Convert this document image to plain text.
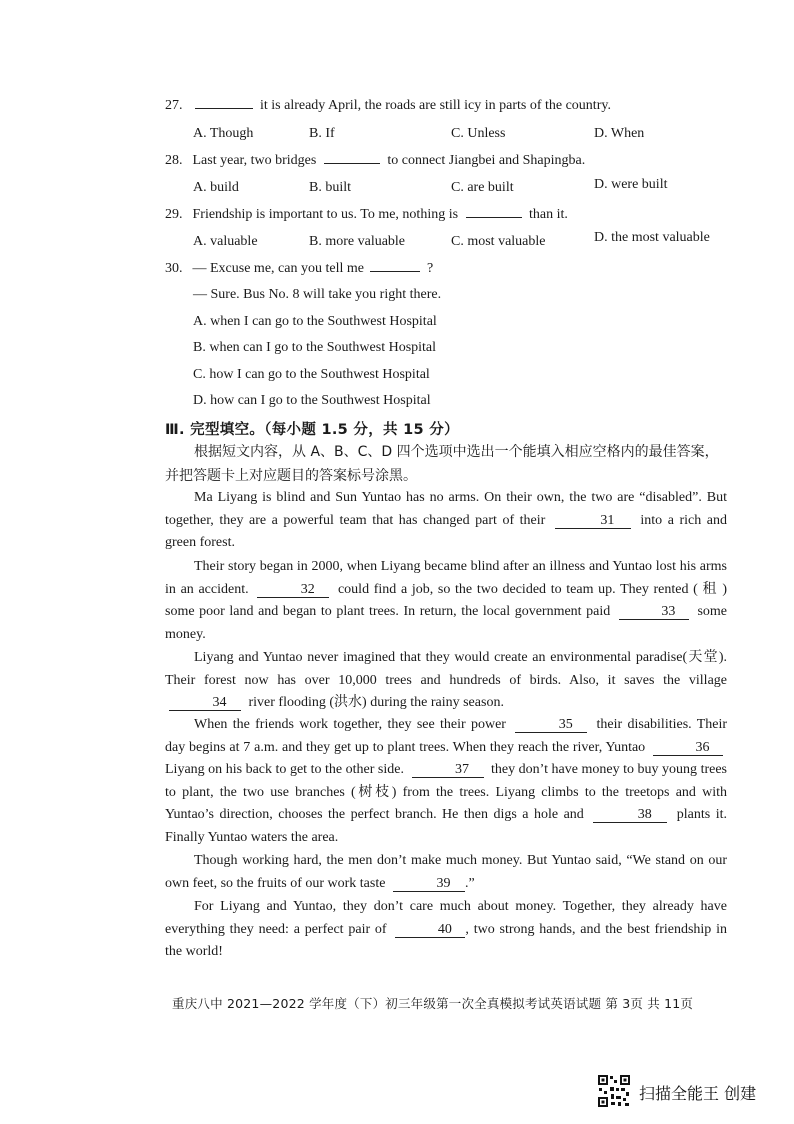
27.	it is already April, the roads are still icy in parts of the country.
A. Though	B. If	C. Unless	D. When
28. Last year, two bridges	to connect Jiangbei and Shapingba.
A. build	B. built	C. are built	D. were built
29. Friendship is important to us. To me, nothing is	than it.
A. valuable	B. more valuable	C. most valuable	D. the most valuable
30. — Excuse me, can you tell me	?
— Sure. Bus No. 8 will take you right there.
A. when I can go to the Southwest Hospital
B. when can I go to the Southwest Hospital
C. how I can go to the Southwest Hospital
D. how can I go to the Southwest Hospital
Ⅲ. 完型填空。（每小题 1.5 分，共 15 分）
根据短文内容，从 A、B、C、D 四个选项中选出一个能填入相应空格内的最佳答案，并把答题卡上对应题目的答案标号涂黑。
Ma Liyang is blind and Sun Yuntao has no arms. On their own, the two are “disabled”. But together, they are a powerful team that has changed part of their	31 into a rich and green forest.
Their story began in 2000, when Liyang became blind after an illness and Yuntao lost his arms in an accident.	32 could find a job, so the two decided to team up. They rented ( 租 ) some poor land and began to plant trees. In return, the local government paid	33 some money.
Liyang and Yuntao never imagined that they would create an environmental paradise(天堂). Their forest now has over 10,000 trees and hundreds of birds. Also, it saves the village 34 river flooding (洪水) during the rainy season.
When the friends work together, they see their power	35 their disabilities. Their day begins at 7 a.m. and they get up to plant trees. When they reach the river, Yuntao	36 Liyang on his back to get to the other side.	37 they don’t have money to buy young trees to plant, the two use branches (树枝) from the trees. Liyang climbs to the treetops and with Yuntao’s direction, chooses the perfect branch. He then digs a hole and	38 plants it. Finally Yuntao waters the area.
Though working hard, the men don’t make much money. But Yuntao said, “We stand on our own feet, so the fruits of our work taste	39 .”
For Liyang and Yuntao, they don’t care much about money. Together, they already have everything they need: a perfect pair of	40 , two strong hands, and the best friendship in the world!
重庆八中 2021—2022 学年度（下）初三年级第一次全真模拟考试英语试题 第 3页 共 11页
扫描全能王 创建
